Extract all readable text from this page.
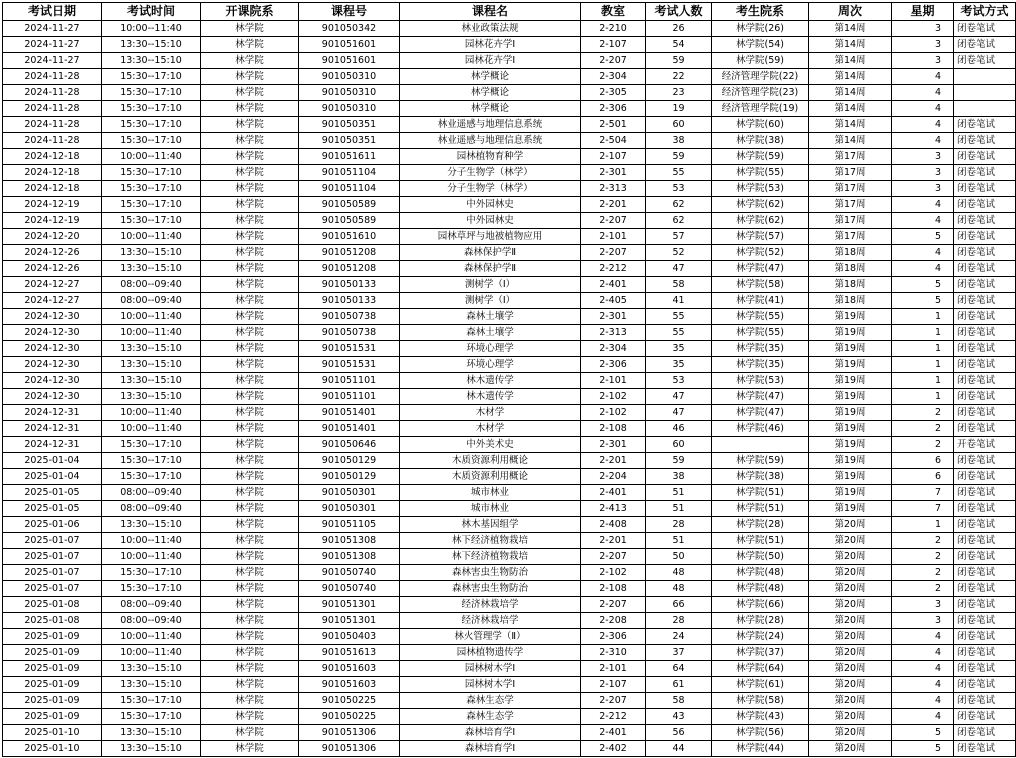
考试日期	考试时间	开课院系	课程号	课程名	教室	考试人数	考生院系	周次	星期	考试方式
2024-11-27	10:00--11:40	林学院	901050342	林业政策法规	2-210	26	林学院(26)	第14周	3	闭卷笔试
2024-11-27	13:30--15:10	林学院	901051601	园林花卉学Ⅰ	2-107	54	林学院(54)	第14周	3	闭卷笔试
2024-11-27	13:30--15:10	林学院	901051601	园林花卉学Ⅰ	2-207	59	林学院(59)	第14周	3	闭卷笔试
2024-11-28	15:30--17:10	林学院	901050310	林学概论	2-304	22	经济管理学院(22)	第14周	4	
2024-11-28	15:30--17:10	林学院	901050310	林学概论	2-305	23	经济管理学院(23)	第14周	4	
2024-11-28	15:30--17:10	林学院	901050310	林学概论	2-306	19	经济管理学院(19)	第14周	4	
2024-11-28	15:30--17:10	林学院	901050351	林业遥感与地理信息系统	2-501	60	林学院(60)	第14周	4	闭卷笔试
2024-11-28	15:30--17:10	林学院	901050351	林业遥感与地理信息系统	2-504	38	林学院(38)	第14周	4	闭卷笔试
2024-12-18	10:00--11:40	林学院	901051611	园林植物育种学	2-107	59	林学院(59)	第17周	3	闭卷笔试
2024-12-18	15:30--17:10	林学院	901051104	分子生物学（林学）	2-301	55	林学院(55)	第17周	3	闭卷笔试
2024-12-18	15:30--17:10	林学院	901051104	分子生物学（林学）	2-313	53	林学院(53)	第17周	3	闭卷笔试
2024-12-19	15:30--17:10	林学院	901050589	中外园林史	2-201	62	林学院(62)	第17周	4	闭卷笔试
2024-12-19	15:30--17:10	林学院	901050589	中外园林史	2-207	62	林学院(62)	第17周	4	闭卷笔试
2024-12-20	10:00--11:40	林学院	901051610	园林草坪与地被植物应用	2-101	57	林学院(57)	第17周	5	闭卷笔试
2024-12-26	13:30--15:10	林学院	901051208	森林保护学Ⅱ	2-207	52	林学院(52)	第18周	4	闭卷笔试
2024-12-26	13:30--15:10	林学院	901051208	森林保护学Ⅱ	2-212	47	林学院(47)	第18周	4	闭卷笔试
2024-12-27	08:00--09:40	林学院	901050133	测树学（Ⅰ）	2-401	58	林学院(58)	第18周	5	闭卷笔试
2024-12-27	08:00--09:40	林学院	901050133	测树学（Ⅰ）	2-405	41	林学院(41)	第18周	5	闭卷笔试
2024-12-30	10:00--11:40	林学院	901050738	森林土壤学	2-301	55	林学院(55)	第19周	1	闭卷笔试
2024-12-30	10:00--11:40	林学院	901050738	森林土壤学	2-313	55	林学院(55)	第19周	1	闭卷笔试
2024-12-30	13:30--15:10	林学院	901051531	环境心理学	2-304	35	林学院(35)	第19周	1	闭卷笔试
2024-12-30	13:30--15:10	林学院	901051531	环境心理学	2-306	35	林学院(35)	第19周	1	闭卷笔试
2024-12-30	13:30--15:10	林学院	901051101	林木遗传学	2-101	53	林学院(53)	第19周	1	闭卷笔试
2024-12-30	13:30--15:10	林学院	901051101	林木遗传学	2-102	47	林学院(47)	第19周	1	闭卷笔试
2024-12-31	10:00--11:40	林学院	901051401	木材学	2-102	47	林学院(47)	第19周	2	闭卷笔试
2024-12-31	10:00--11:40	林学院	901051401	木材学	2-108	46	林学院(46)	第19周	2	闭卷笔试
2024-12-31	15:30--17:10	林学院	901050646	中外美术史	2-301	60		第19周	2	开卷笔试
2025-01-04	15:30--17:10	林学院	901050129	木质资源利用概论	2-201	59	林学院(59)	第19周	6	闭卷笔试
2025-01-04	15:30--17:10	林学院	901050129	木质资源利用概论	2-204	38	林学院(38)	第19周	6	闭卷笔试
2025-01-05	08:00--09:40	林学院	901050301	城市林业	2-401	51	林学院(51)	第19周	7	闭卷笔试
2025-01-05	08:00--09:40	林学院	901050301	城市林业	2-413	51	林学院(51)	第19周	7	闭卷笔试
2025-01-06	13:30--15:10	林学院	901051105	林木基因组学	2-408	28	林学院(28)	第20周	1	闭卷笔试
2025-01-07	10:00--11:40	林学院	901051308	林下经济植物栽培	2-201	51	林学院(51)	第20周	2	闭卷笔试
2025-01-07	10:00--11:40	林学院	901051308	林下经济植物栽培	2-207	50	林学院(50)	第20周	2	闭卷笔试
2025-01-07	15:30--17:10	林学院	901050740	森林害虫生物防治	2-102	48	林学院(48)	第20周	2	闭卷笔试
2025-01-07	15:30--17:10	林学院	901050740	森林害虫生物防治	2-108	48	林学院(48)	第20周	2	闭卷笔试
2025-01-08	08:00--09:40	林学院	901051301	经济林栽培学	2-207	66	林学院(66)	第20周	3	闭卷笔试
2025-01-08	08:00--09:40	林学院	901051301	经济林栽培学	2-208	28	林学院(28)	第20周	3	闭卷笔试
2025-01-09	10:00--11:40	林学院	901050403	林火管理学（Ⅱ）	2-306	24	林学院(24)	第20周	4	闭卷笔试
2025-01-09	10:00--11:40	林学院	901051613	园林植物遗传学	2-310	37	林学院(37)	第20周	4	闭卷笔试
2025-01-09	13:30--15:10	林学院	901051603	园林树木学Ⅰ	2-101	64	林学院(64)	第20周	4	闭卷笔试
2025-01-09	13:30--15:10	林学院	901051603	园林树木学Ⅰ	2-107	61	林学院(61)	第20周	4	闭卷笔试
2025-01-09	15:30--17:10	林学院	901050225	森林生态学	2-207	58	林学院(58)	第20周	4	闭卷笔试
2025-01-09	15:30--17:10	林学院	901050225	森林生态学	2-212	43	林学院(43)	第20周	4	闭卷笔试
2025-01-10	13:30--15:10	林学院	901051306	森林培育学Ⅰ	2-401	56	林学院(56)	第20周	5	闭卷笔试
2025-01-10	13:30--15:10	林学院	901051306	森林培育学Ⅰ	2-402	44	林学院(44)	第20周	5	闭卷笔试
